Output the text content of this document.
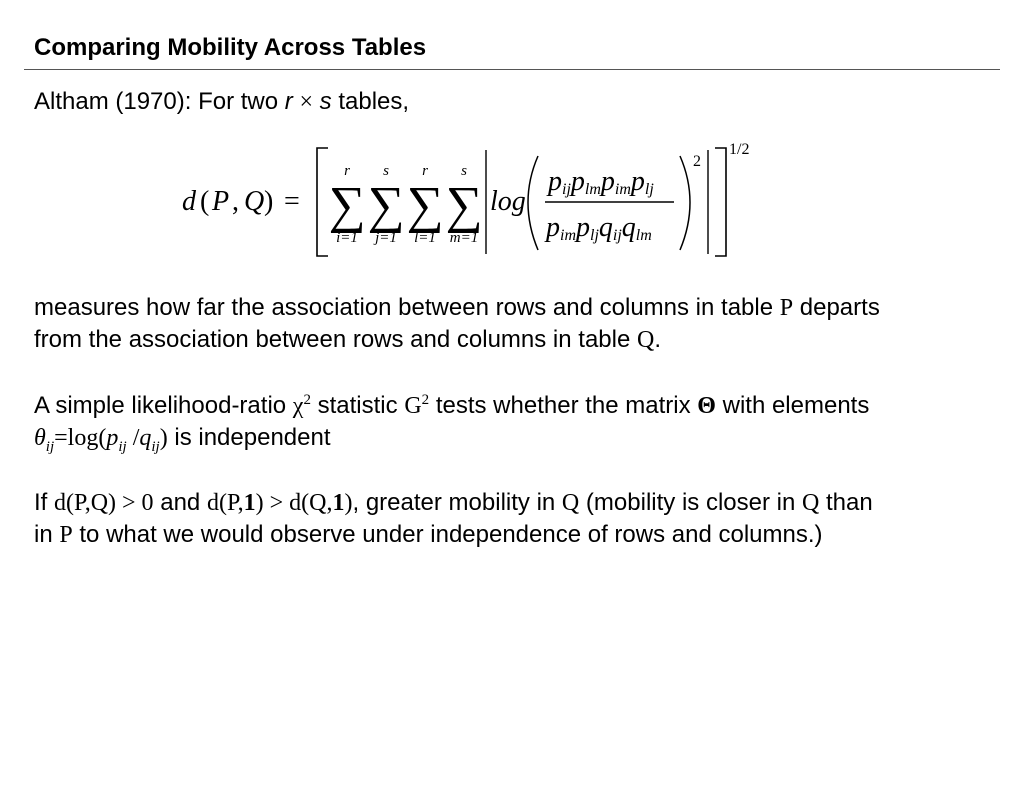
Comparing Mobility Across Tables
Altham (1970): For two r × s tables,
d ( P , Q ) =
r
∑
i=1
s
∑
j=1
r
∑
l=1
s
∑
m=1
log
pijplmpimplj
pimpljqijqlm
2
1/2
measures how far the association between rows and columns in table P departs
from the association between rows and columns in table Q.
A simple likelihood-ratio $\chi^2$ statistic $G^2$ tests whether the matrix Θ with elements
$\theta_{ij}=\log(p_{ij}$ $/q_{ij}$) is independent
If d(P,Q) > 0 and d(P,1) > d(Q,1), greater mobility in Q (mobility is closer in Q than
in P to what we would observe under independence of rows and columns.)
